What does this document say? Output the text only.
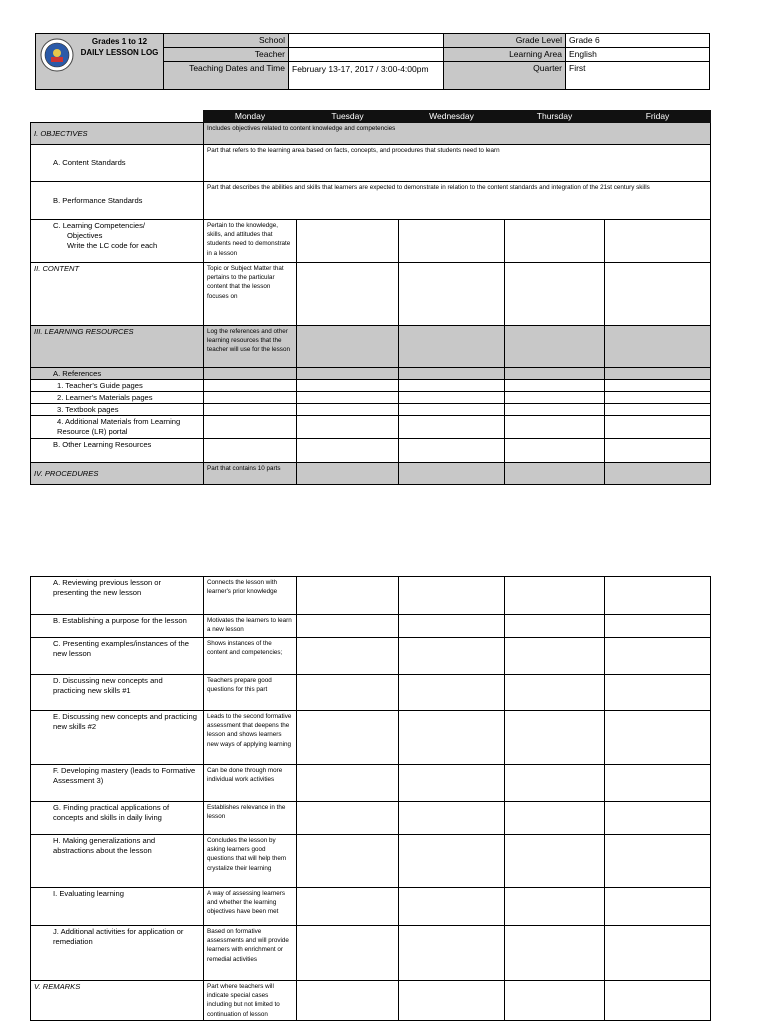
Grades 1 to 12
DAILY LESSON LOG	School		Grade Level	Grade 6
	Teacher		Learning Area	English
	Teaching Dates and Time	February 13-17, 2017 / 3:00-4:00pm	Quarter	First
	Monday	Tuesday	Wednesday	Thursday	Friday
I. OBJECTIVES	Includes objectives related to content knowledge and competencies				
A. Content Standards	Part that refers to the learning area based on facts, concepts, and procedures that students need to learn				
B. Performance Standards	Part that describes the abilities and skills that learners are expected to demonstrate in relation to the content standards and integration of the 21st century skills				

C. Learning Competencies/
Objectives
Write the LC code for each	Pertain to the knowledge, skills, and attitudes that students need to demonstrate in a lesson				
II. CONTENT	Topic or Subject Matter that pertains to the particular content that the lesson focuses on				
III. LEARNING RESOURCES	Log the references and other learning resources that the teacher will use for the lesson				
A. References					
1. Teacher's Guide pages					
2. Learner's Materials pages					
3. Textbook pages					
4. Additional Materials from Learning Resource (LR) portal					
B. Other Learning Resources					
IV. PROCEDURES	Part that contains 10 parts				
A. Reviewing previous lesson or presenting the new lesson	Connects the lesson with learner's prior knowledge				
B. Establishing a purpose for the lesson	Motivates the learners to learn a new lesson				
C. Presenting examples/instances of the new lesson	Shows instances of the content and competencies;				
D. Discussing new concepts and practicing new skills #1	Teachers prepare good questions for this part				
E. Discussing new concepts and practicing new skills #2	Leads to the second formative assessment that deepens the lesson and shows learners new ways of applying learning				
F. Developing mastery (leads to Formative Assessment 3)	Can be done through more individual work activities				
G. Finding practical applications of concepts and skills in daily living	Establishes relevance in the lesson				
H. Making generalizations and abstractions about the lesson	Concludes the lesson by asking learners good questions that will help them crystalize their learning				
I. Evaluating learning	A way of assessing learners and whether the learning objectives have been met				
J. Additional activities for application or remediation	Based on formative assessments and will provide learners with enrichment or remedial activities				
V. REMARKS	Part where teachers will indicate special cases including but not limited to continuation of lesson				
